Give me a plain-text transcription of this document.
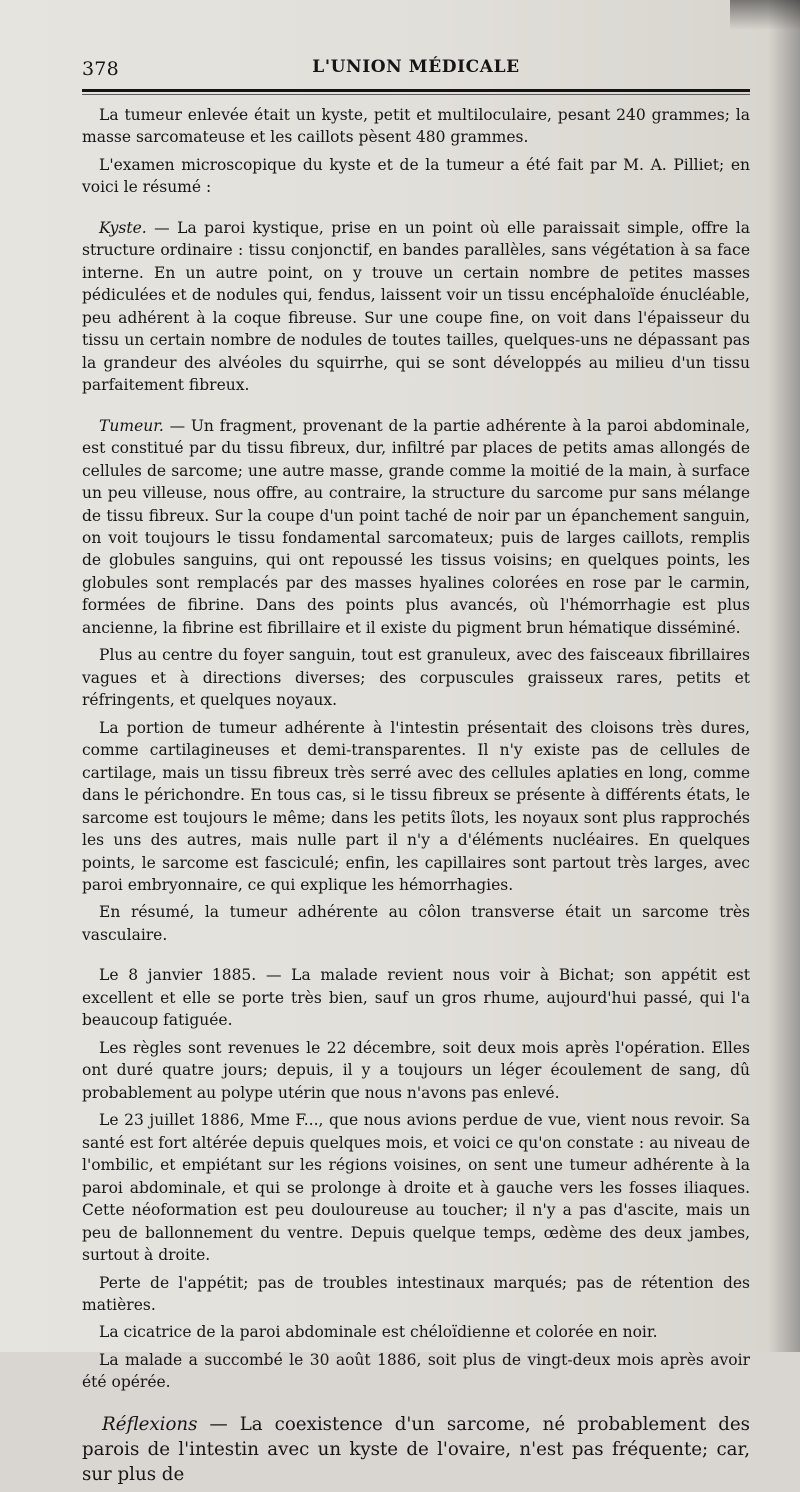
378	L'UNION MÉDICALE

La tumeur enlevée était un kyste, petit et multiloculaire, pesant 240 grammes; la masse sarcomateuse et les caillots pèsent 480 grammes.

L'examen microscopique du kyste et de la tumeur a été fait par M. A. Pilliet; en voici le résumé :

Kyste. — La paroi kystique, prise en un point où elle paraissait simple, offre la structure ordinaire : tissu conjonctif, en bandes parallèles, sans végétation à sa face interne. En un autre point, on y trouve un certain nombre de petites masses pédiculées et de nodules qui, fendus, laissent voir un tissu encéphaloïde énucléable, peu adhérent à la coque fibreuse. Sur une coupe fine, on voit dans l'épaisseur du tissu un certain nombre de nodules de toutes tailles, quelques-uns ne dépassant pas la grandeur des alvéoles du squirrhe, qui se sont développés au milieu d'un tissu parfaitement fibreux.

Tumeur. — Un fragment, provenant de la partie adhérente à la paroi abdominale, est constitué par du tissu fibreux, dur, infiltré par places de petits amas allongés de cellules de sarcome; une autre masse, grande comme la moitié de la main, à surface un peu villeuse, nous offre, au contraire, la structure du sarcome pur sans mélange de tissu fibreux. Sur la coupe d'un point taché de noir par un épanchement sanguin, on voit toujours le tissu fondamental sarcomateux; puis de larges caillots, remplis de globules sanguins, qui ont repoussé les tissus voisins; en quelques points, les globules sont remplacés par des masses hyalines colorées en rose par le carmin, formées de fibrine. Dans des points plus avancés, où l'hémorrhagie est plus ancienne, la fibrine est fibrillaire et il existe du pigment brun hématique disséminé.

Plus au centre du foyer sanguin, tout est granuleux, avec des faisceaux fibrillaires vagues et à directions diverses; des corpuscules graisseux rares, petits et réfringents, et quelques noyaux.

La portion de tumeur adhérente à l'intestin présentait des cloisons très dures, comme cartilagineuses et demi-transparentes. Il n'y existe pas de cellules de cartilage, mais un tissu fibreux très serré avec des cellules aplaties en long, comme dans le périchondre. En tous cas, si le tissu fibreux se présente à différents états, le sarcome est toujours le même; dans les petits îlots, les noyaux sont plus rapprochés les uns des autres, mais nulle part il n'y a d'éléments nucléaires. En quelques points, le sarcome est fasciculé; enfin, les capillaires sont partout très larges, avec paroi embryonnaire, ce qui explique les hémorrhagies.

En résumé, la tumeur adhérente au côlon transverse était un sarcome très vasculaire.

Le 8 janvier 1885. — La malade revient nous voir à Bichat; son appétit est excellent et elle se porte très bien, sauf un gros rhume, aujourd'hui passé, qui l'a beaucoup fatiguée.

Les règles sont revenues le 22 décembre, soit deux mois après l'opération. Elles ont duré quatre jours; depuis, il y a toujours un léger écoulement de sang, dû probablement au polype utérin que nous n'avons pas enlevé.

Le 23 juillet 1886, Mme F..., que nous avions perdue de vue, vient nous revoir. Sa santé est fort altérée depuis quelques mois, et voici ce qu'on constate : au niveau de l'ombilic, et empiétant sur les régions voisines, on sent une tumeur adhérente à la paroi abdominale, et qui se prolonge à droite et à gauche vers les fosses iliaques. Cette néoformation est peu douloureuse au toucher; il n'y a pas d'ascite, mais un peu de ballonnement du ventre. Depuis quelque temps, œdème des deux jambes, surtout à droite.

Perte de l'appétit; pas de troubles intestinaux marqués; pas de rétention des matières.

La cicatrice de la paroi abdominale est chéloïdienne et colorée en noir.

La malade a succombé le 30 août 1886, soit plus de vingt-deux mois après avoir été opérée.

Réflexions — La coexistence d'un sarcome, né probablement des parois de l'intestin avec un kyste de l'ovaire, n'est pas fréquente; car, sur plus de
